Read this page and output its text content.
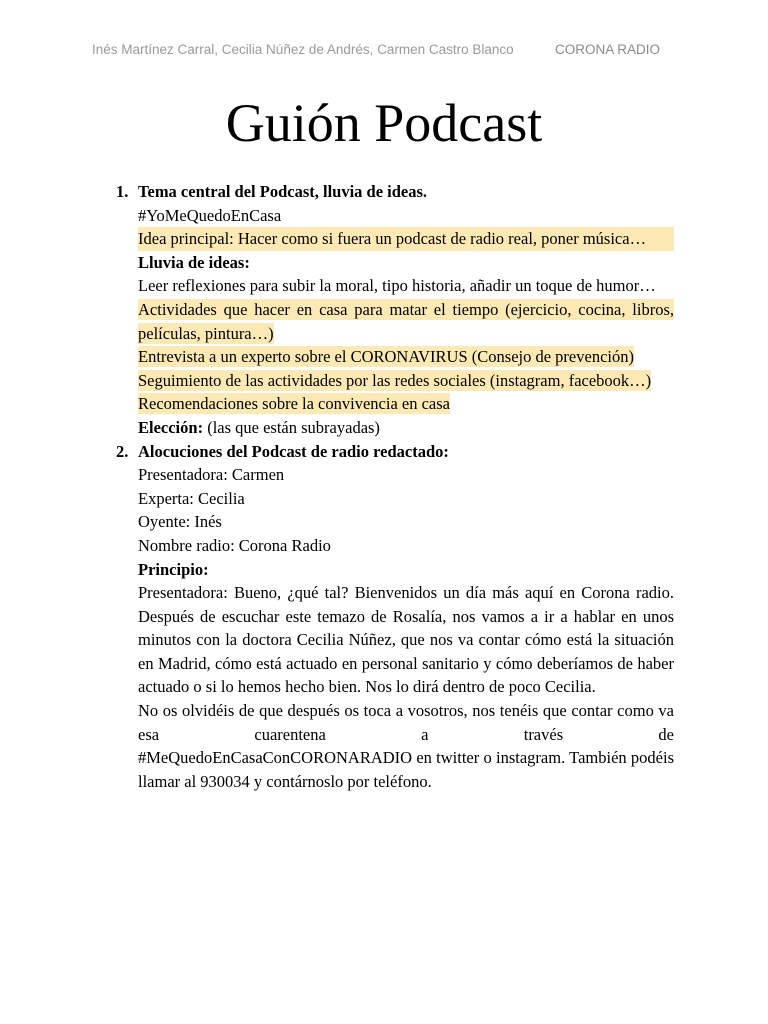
Inés Martínez Carral, Cecilia Núñez de Andrés, Carmen Castro Blanco	CORONA RADIO
Guión Podcast
1. Tema central del Podcast, lluvia de ideas.

#YoMeQuedoEnCasa

Idea principal: Hacer como si fuera un podcast de radio real, poner música…

Lluvia de ideas:

Leer reflexiones para subir la moral, tipo historia, añadir un toque de humor…

Actividades que hacer en casa para matar el tiempo (ejercicio, cocina, libros, películas, pintura…)

Entrevista a un experto sobre el CORONAVIRUS (Consejo de prevención)

Seguimiento de las actividades por las redes sociales (instagram, facebook…)

Recomendaciones sobre la convivencia en casa

Elección: (las que están subrayadas)

2. Alocuciones del Podcast de radio redactado:

Presentadora: Carmen

Experta: Cecilia

Oyente: Inés

Nombre radio: Corona Radio

Principio:

Presentadora: Bueno, ¿qué tal? Bienvenidos un día más aquí en Corona radio. Después de escuchar este temazo de Rosalía, nos vamos a ir a hablar en unos minutos con la doctora Cecilia Núñez, que nos va contar cómo está la situación en Madrid, cómo está actuado en personal sanitario y cómo deberíamos de haber actuado o si lo hemos hecho bien. Nos lo dirá dentro de poco Cecilia.

No os olvidéis de que después os toca a vosotros, nos tenéis que contar como va esa cuarentena a través de

#MeQuedoEnCasaConCORONARADIO en twitter o instagram. También podéis llamar al 930034 y contárnoslo por teléfono.
